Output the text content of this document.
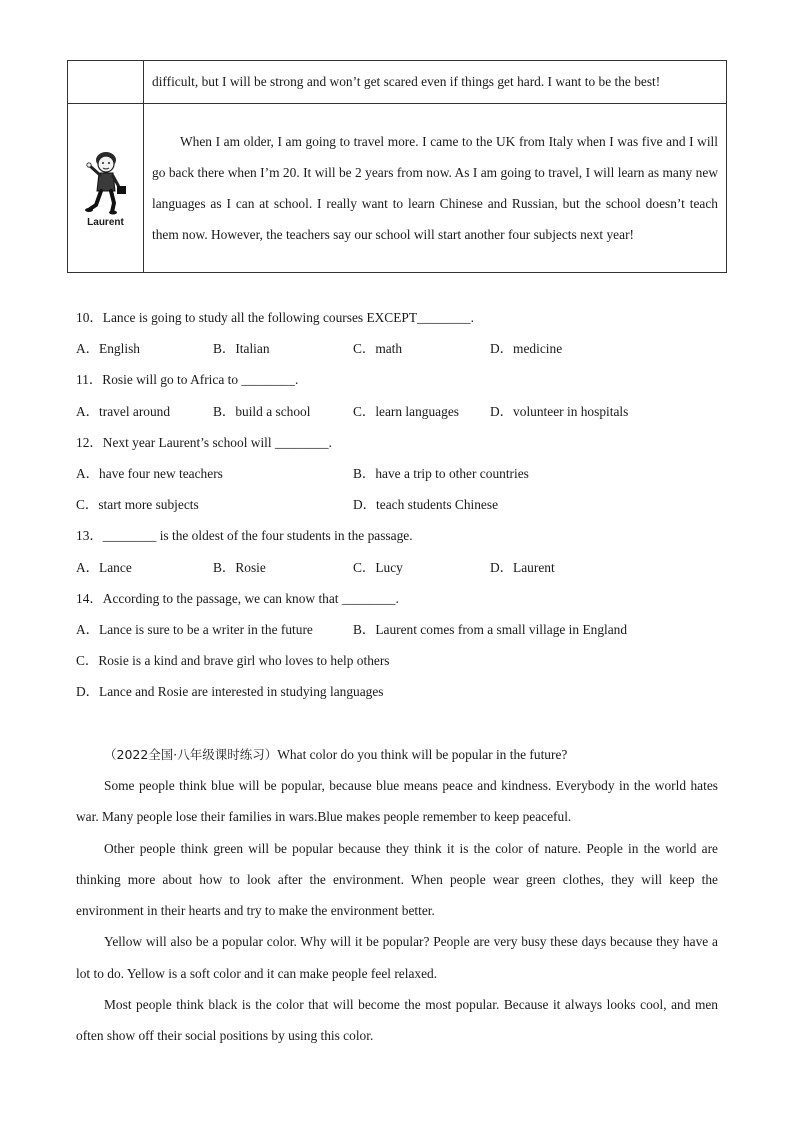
	difficult, but I will be strong and won’t get scared even if things get hard. I want to be the best!

Laurent	When I am older, I am going to travel more. I came to the UK from Italy when I was five and I will go back there when I’m 20. It will be 2 years from now. As I am going to travel, I will learn as many new languages as I can at school. I really want to learn Chinese and Russian, but the school doesn’t teach them now. However, the teachers say our school will start another four subjects next year!
10．Lance is going to study all the following courses EXCEPT________.
A．English	B．Italian	C．math	D．medicine
11．Rosie will go to Africa to ________.
A．travel around	B．build a school	C．learn languages D．volunteer in hospitals
12．Next year Laurent’s school will ________.
A．have four new teachers	B．have a trip to other countries
C．start more subjects	D．teach students Chinese
13．________ is the oldest of the four students in the passage.
A．Lance	B．Rosie	C．Lucy	D．Laurent
14．According to the passage, we can know that ________.
A．Lance is sure to be a writer in the future	B．Laurent comes from a small village in England
C．Rosie is a kind and brave girl who loves to help others
D．Lance and Rosie are interested in studying languages
（2022全国·八年级课时练习）What color do you think will be popular in the future?

Some people think blue will be popular, because blue means peace and kindness. Everybody in the world hates war. Many people lose their families in wars.Blue makes people remember to keep peaceful.

Other people think green will be popular because they think it is the color of nature. People in the world are thinking more about how to look after the environment. When people wear green clothes, they will keep the environment in their hearts and try to make the environment better.

Yellow will also be a popular color. Why will it be popular? People are very busy these days because they have a lot to do. Yellow is a soft color and it can make people feel relaxed.

Most people think black is the color that will become the most popular. Because it always looks cool, and men often show off their social positions by using this color.
